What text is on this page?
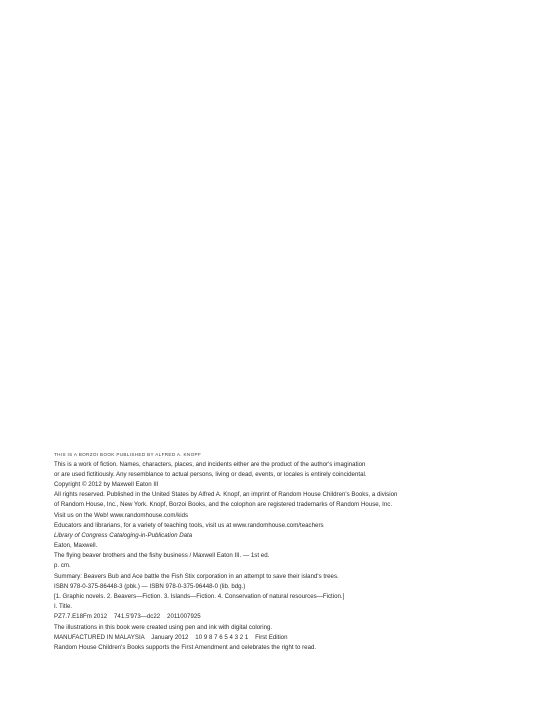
THIS IS A BORZOI BOOK PUBLISHED BY ALFRED A. KNOPF
This is a work of fiction. Names, characters, places, and incidents either are the product of the author's imagination
or are used fictitiously. Any resemblance to actual persons, living or dead, events, or locales is entirely coincidental.
Copyright © 2012 by Maxwell Eaton III
All rights reserved. Published in the United States by Alfred A. Knopf, an imprint of Random House Children's Books, a division
of Random House, Inc., New York. Knopf, Borzoi Books, and the colophon are registered trademarks of Random House, Inc.
Visit us on the Web! www.randomhouse.com/kids
Educators and librarians, for a variety of teaching tools, visit us at www.randomhouse.com/teachers
Library of Congress Cataloging-in-Publication Data
Eaton, Maxwell.
The flying beaver brothers and the fishy business / Maxwell Eaton III. — 1st ed.
p. cm.
Summary: Beavers Bub and Ace battle the Fish Stix corporation in an attempt to save their island's trees.
ISBN 978-0-375-86448-3 (pbk.) — ISBN 978-0-375-96448-0 (lib. bdg.)
[1. Graphic novels. 2. Beavers—Fiction. 3. Islands—Fiction. 4. Conservation of natural resources—Fiction.]
I. Title.
PZ7.7.E18Fm 2012    741.5'973—dc22    2011007925
The illustrations in this book were created using pen and ink with digital coloring.
MANUFACTURED IN MALAYSIA    January 2012    10 9 8 7 6 5 4 3 2 1    First Edition
Random House Children's Books supports the First Amendment and celebrates the right to read.
